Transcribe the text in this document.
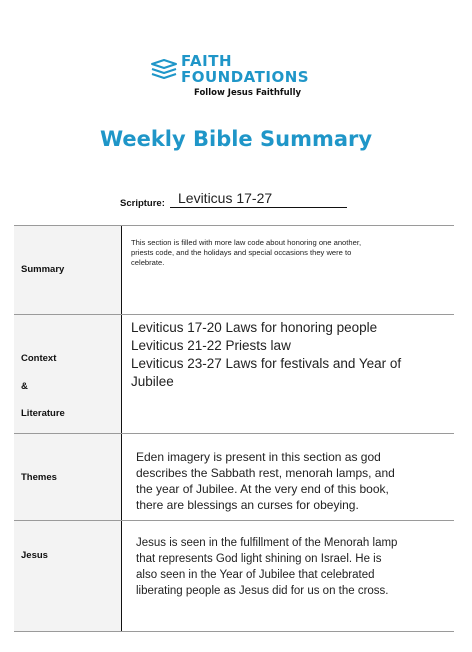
FAITH
FOUNDATIONS
Follow Jesus Faithfully
Weekly Bible Summary
Scripture: Leviticus 17-27
Summary
This section is filled with more law code about honoring one another,
priests code, and the holidays and special occasions they were to
celebrate.
Context
&
Literature
Leviticus 17-20 Laws for honoring people
Leviticus 21-22 Priests law
Leviticus 23-27 Laws for festivals and Year of
Jubilee
Themes
Eden imagery is present in this section as god
describes the Sabbath rest, menorah lamps, and
the year of Jubilee. At the very end of this book,
there are blessings an curses for obeying.
Jesus
Jesus is seen in the fulfillment of the Menorah lamp
that represents God light shining on Israel. He is
also seen in the Year of Jubilee that celebrated
liberating people as Jesus did for us on the cross.
